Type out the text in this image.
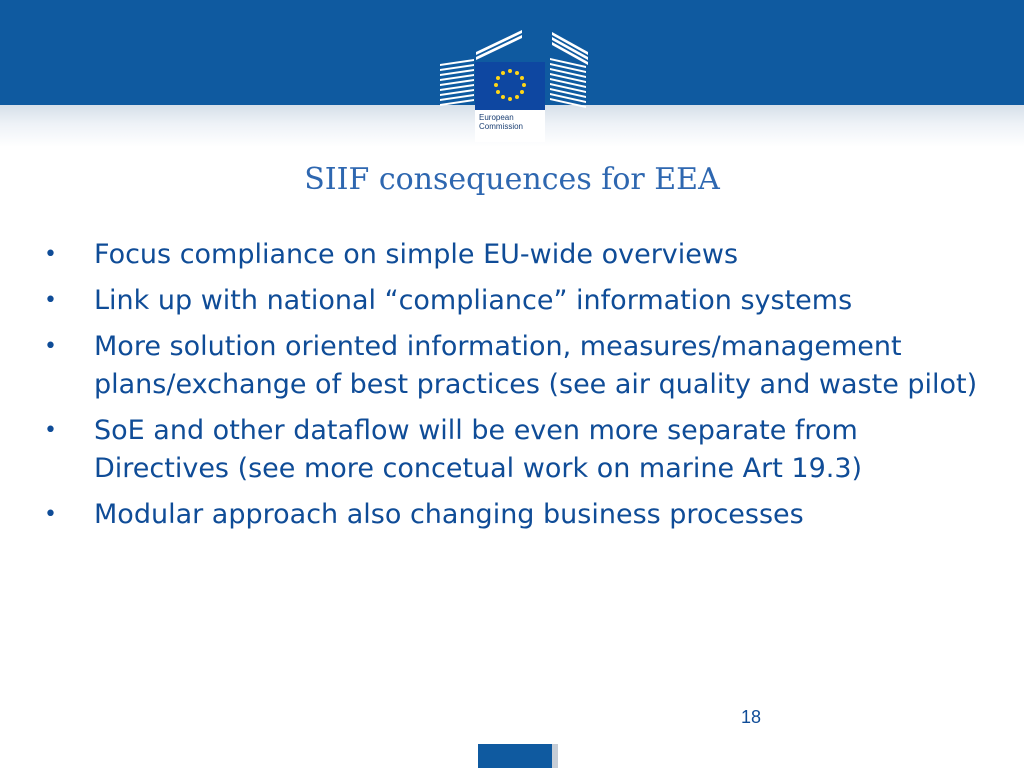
European
Commission
SIIF consequences for EEA
• Focus compliance on simple EU-wide overviews
• Link up with national “compliance” information systems
• More solution oriented information, measures/management plans/exchange of best practices (see air quality and waste pilot)
• SoE and other dataflow will be even more separate from Directives (see more concetual work on marine Art 19.3)
• Modular approach also changing business processes
18
